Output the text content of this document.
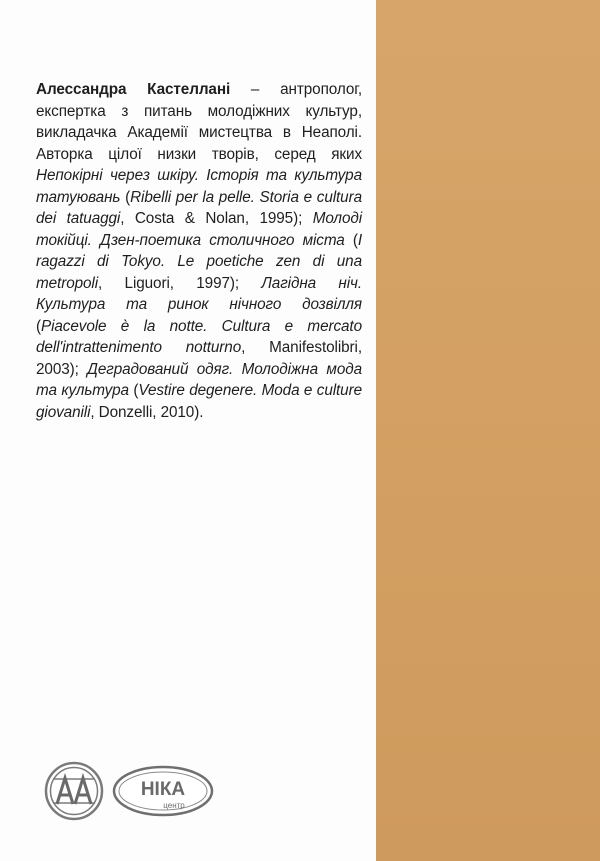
Алессандра Кастеллані – антрополог, експертка з питань молодіжних культур, викладачка Академії мистецтва в Неаполі. Авторка цілої низки творів, серед яких Непокірні через шкіру. Історія та культура татуювань (Ribelli per la pelle. Storia e cultura dei tatuaggi, Costa & Nolan, 1995); Молоді токійці. Дзен-поетика столичного міста (I ragazzi di Tokyo. Le poetiche zen di una metropoli, Liguori, 1997); Лагідна ніч. Культура та ринок нічного дозвілля (Piacevole è la notte. Cultura e mercato dell'intrattenimento notturno, Manifestolibri, 2003); Деградований одяг. Молодіжна мода та культура (Vestire degenere. Moda e culture giovanili, Donzelli, 2010).

НІКА
центр
